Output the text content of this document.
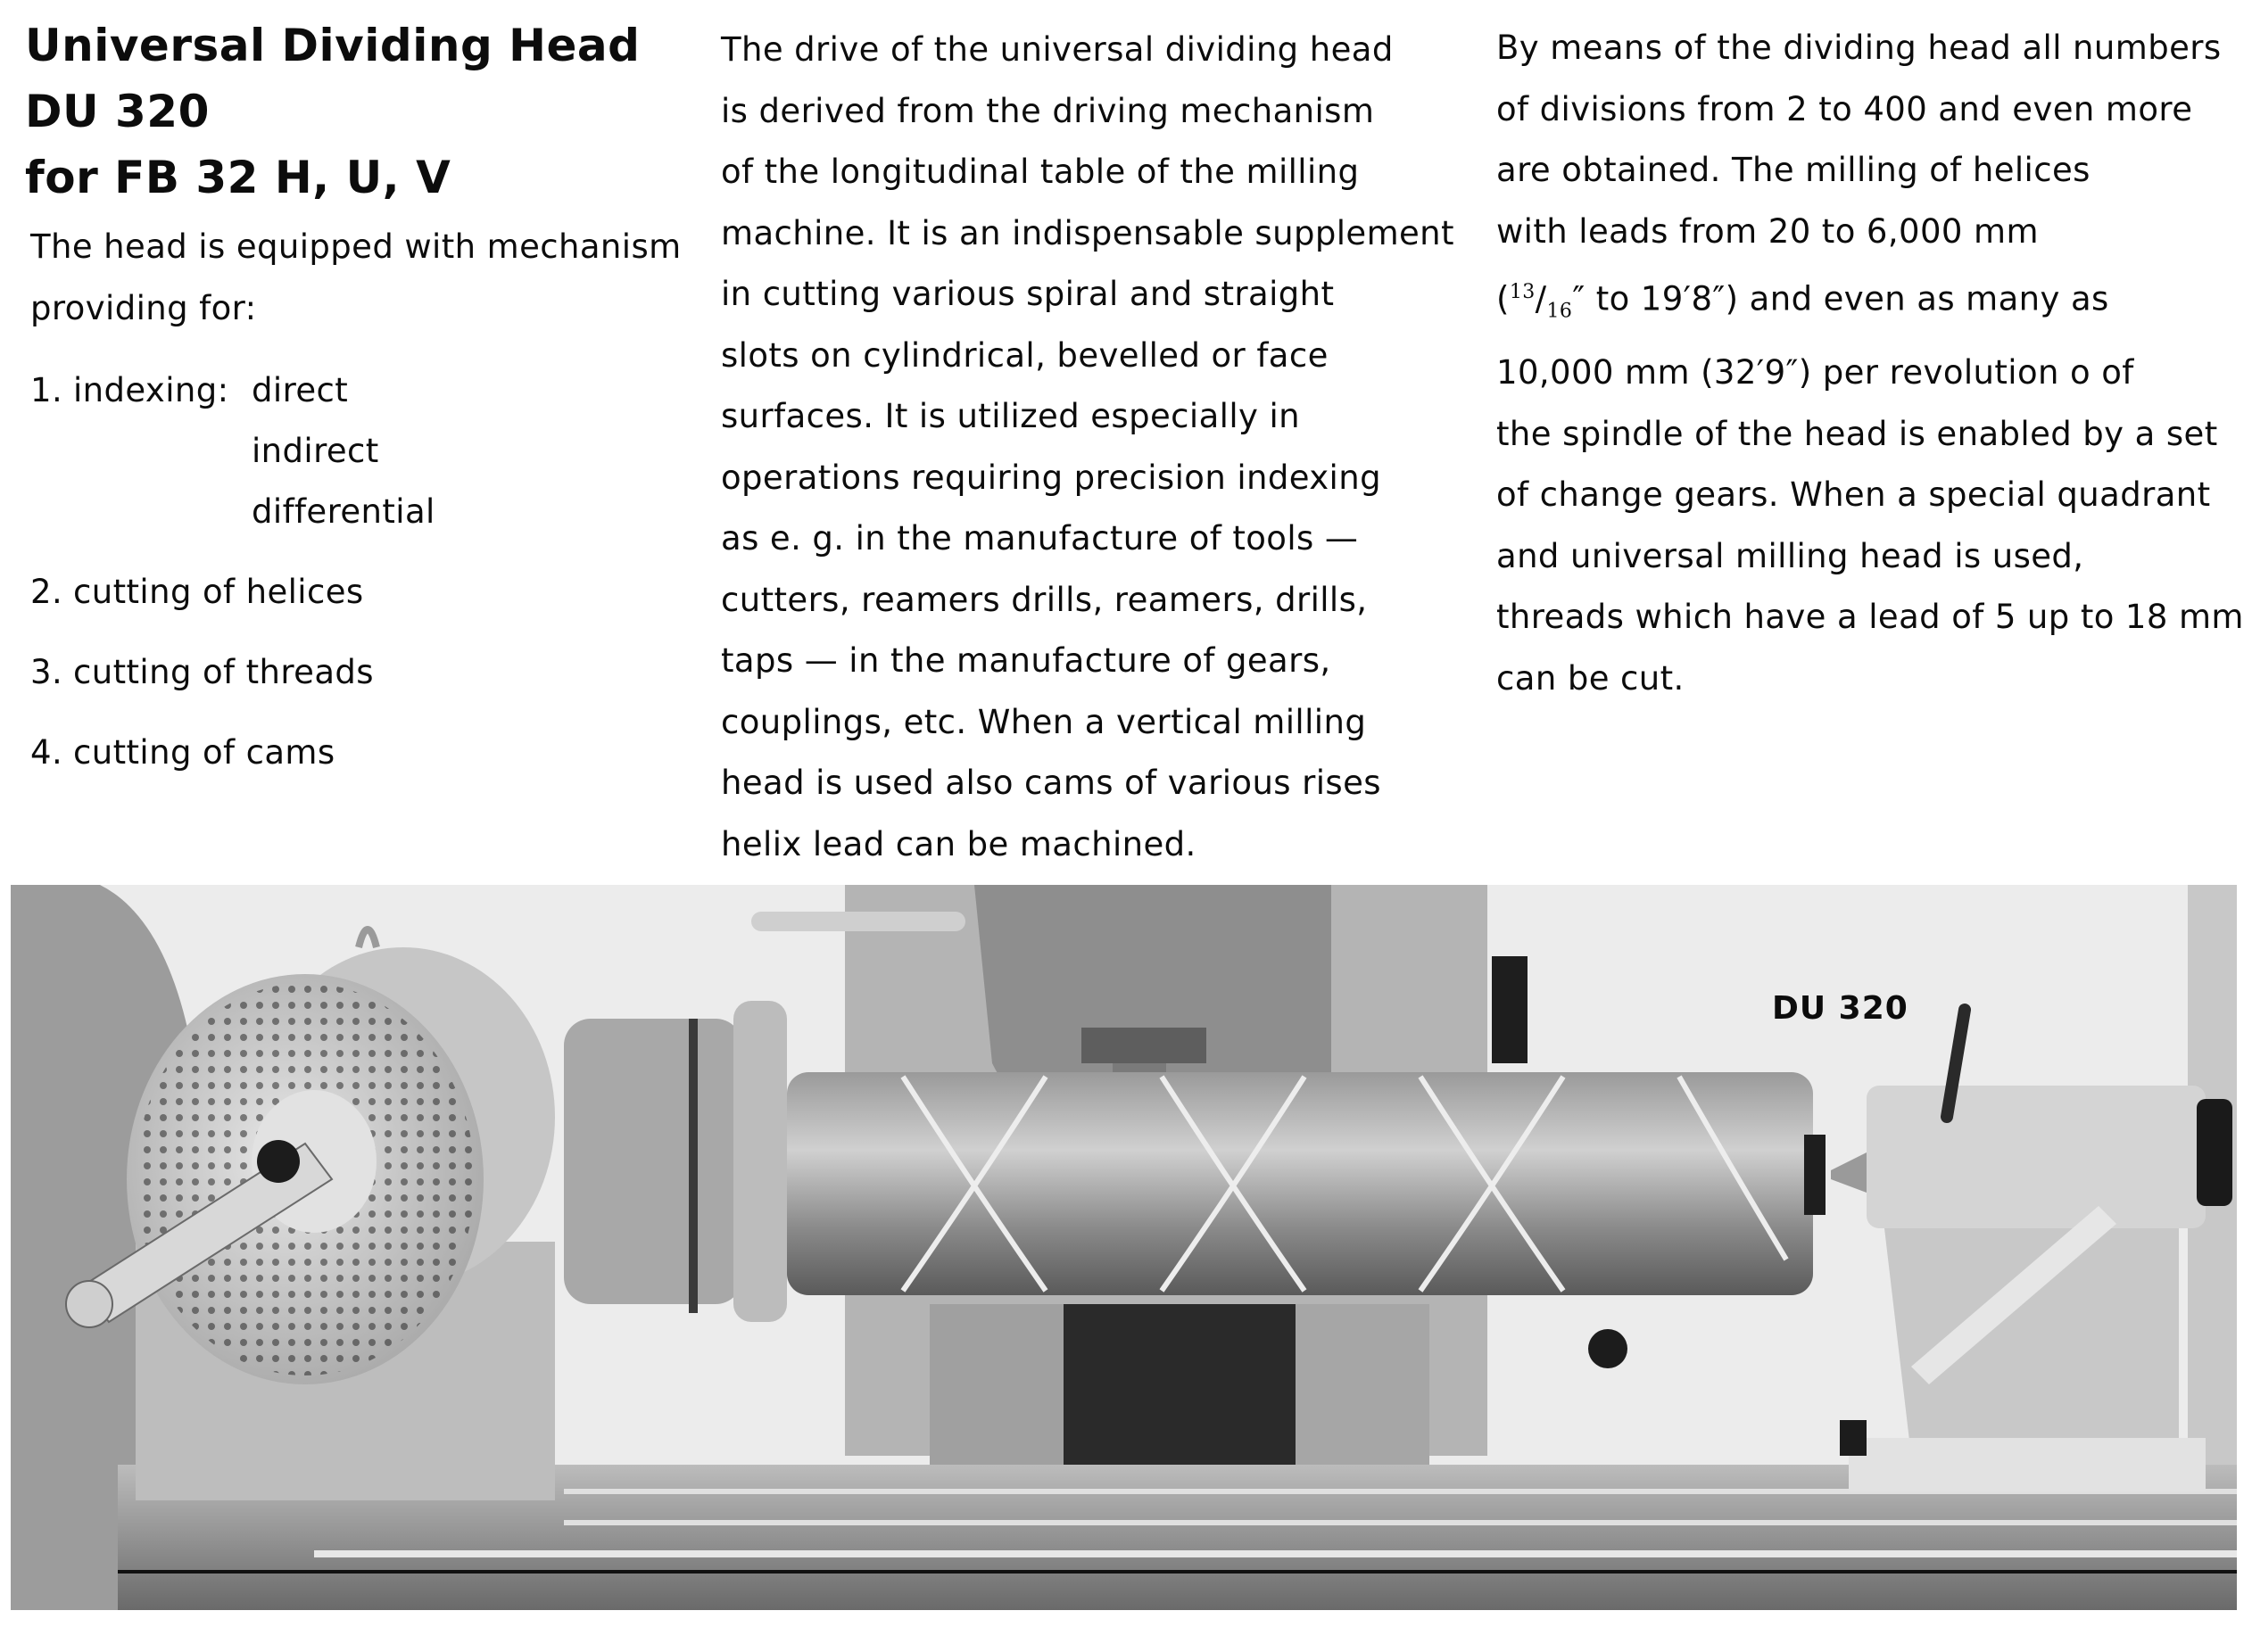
Universal Dividing Head
DU 320
for FB 32 H, U, V
The head is equipped with mechanism
providing for:
1. indexing: direct
indirect
differential
2. cutting of helices
3. cutting of threads
4. cutting of cams
The drive of the universal dividing head
is derived from the driving mechanism
of the longitudinal table of the milling
machine. It is an indispensable supplement
in cutting various spiral and straight
slots on cylindrical, bevelled or face
surfaces. It is utilized especially in
operations requiring precision indexing
as e. g. in the manufacture of tools —
cutters, reamers drills, reamers, drills,
taps — in the manufacture of gears,
couplings, etc. When a vertical milling
head is used also cams of various rises
helix lead can be machined.
By means of the dividing head all numbers
of divisions from 2 to 400 and even more
are obtained. The milling of helices
with leads from 20 to 6,000 mm
($^{13}/_{16}''$ to 19′8″) and even as many as
10,000 mm (32′9″) per revolution o of
the spindle of the head is enabled by a set
of change gears. When a special quadrant
and universal milling head is used,
threads which have a lead of 5 up to 18 mm
can be cut.
DU 320
